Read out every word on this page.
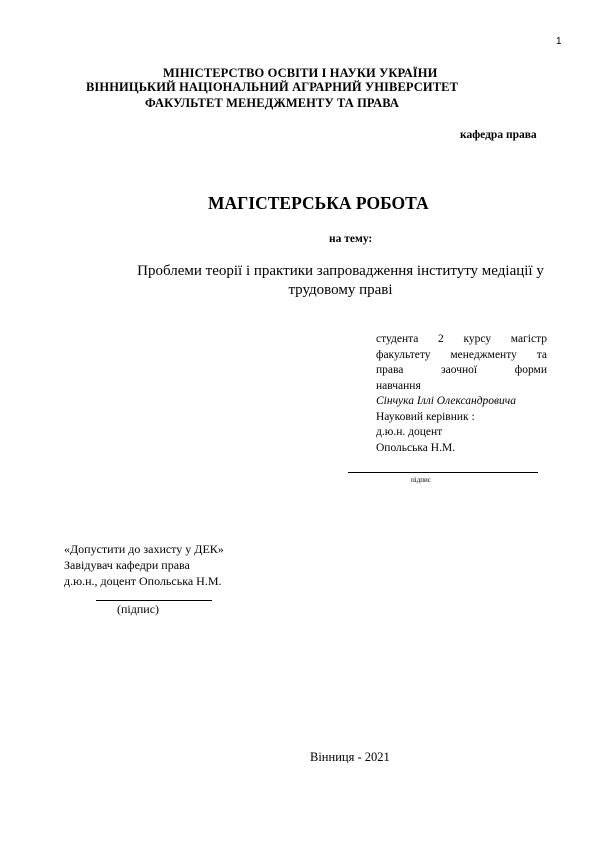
1
МІНІСТЕРСТВО ОСВІТИ І НАУКИ УКРАЇНИ
ВІННИЦЬКИЙ НАЦІОНАЛЬНИЙ АГРАРНИЙ УНІВЕРСИТЕТ
ФАКУЛЬТЕТ МЕНЕДЖМЕНТУ ТА ПРАВА
кафедра права
МАГІСТЕРСЬКА РОБОТА
на тему:
Проблеми теорії і практики запровадження інституту медіації у
трудовому праві
студента 2 курсу магістр
факультету менеджменту та
права	заочної	форми
навчання
Сінчука Іллі Олександровича
Науковий керівник :
д.ю.н. доцент
Опольська Н.М.
підпис
«Допустити до захисту у ДЕК»
Завідувач кафедри права
д.ю.н., доцент Опольська Н.М.
(підпис)
Вінниця - 2021
